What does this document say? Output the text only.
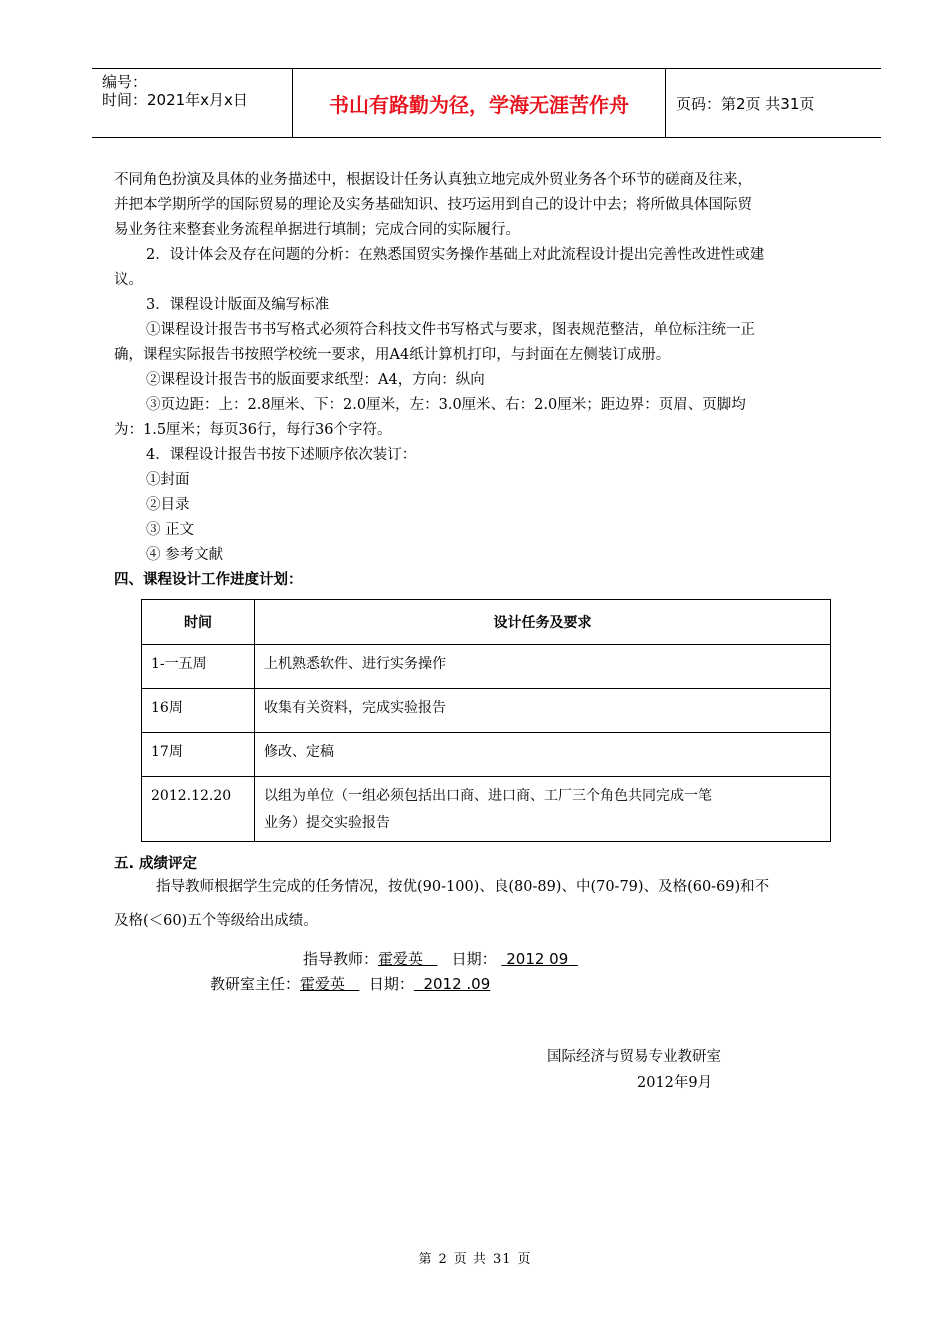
编号：
时间：2021年x月x日	书山有路勤为径，学海无涯苦作舟	页码：第2页 共31页
不同角色扮演及具体的业务描述中，根据设计任务认真独立地完成外贸业务各个环节的磋商及往来，
并把本学期所学的国际贸易的理论及实务基础知识、技巧运用到自己的设计中去；将所做具体国际贸
易业务往来整套业务流程单据进行填制；完成合同的实际履行。
2．设计体会及存在问题的分析：在熟悉国贸实务操作基础上对此流程设计提出完善性改进性或建
议。
3．课程设计版面及编写标准
①课程设计报告书书写格式必须符合科技文件书写格式与要求，图表规范整洁，单位标注统一正
确，课程实际报告书按照学校统一要求，用A4纸计算机打印，与封面在左侧装订成册。
②课程设计报告书的版面要求纸型：A4，方向：纵向
③页边距：上：2.8厘米、下：2.0厘米，左：3.0厘米、右：2.0厘米；距边界：页眉、页脚均
为：1.5厘米；每页36行，每行36个字符。
4．课程设计报告书按下述顺序依次装订：
①封面
②目录
③ 正文
④ 参考文献
四、课程设计工作进度计划：
时间	设计任务及要求
1-一五周	上机熟悉软件、进行实务操作
16周	收集有关资料，完成实验报告
17周	修改、定稿
2012.12.20	以组为单位（一组必须包括出口商、进口商、工厂三个角色共同完成一笔
业务）提交实验报告
五. 成绩评定
指导教师根据学生完成的任务情况，按优(90-100)、良(80-89)、中(70-79)、及格(60-69)和不
及格(＜60)五个等级给出成绩。
指导教师：霍爱英 日期： 2012 09
教研室主任：霍爱英 日期： 2012 .09
国际经济与贸易专业教研室
2012年9月
第 2 页 共 31 页
